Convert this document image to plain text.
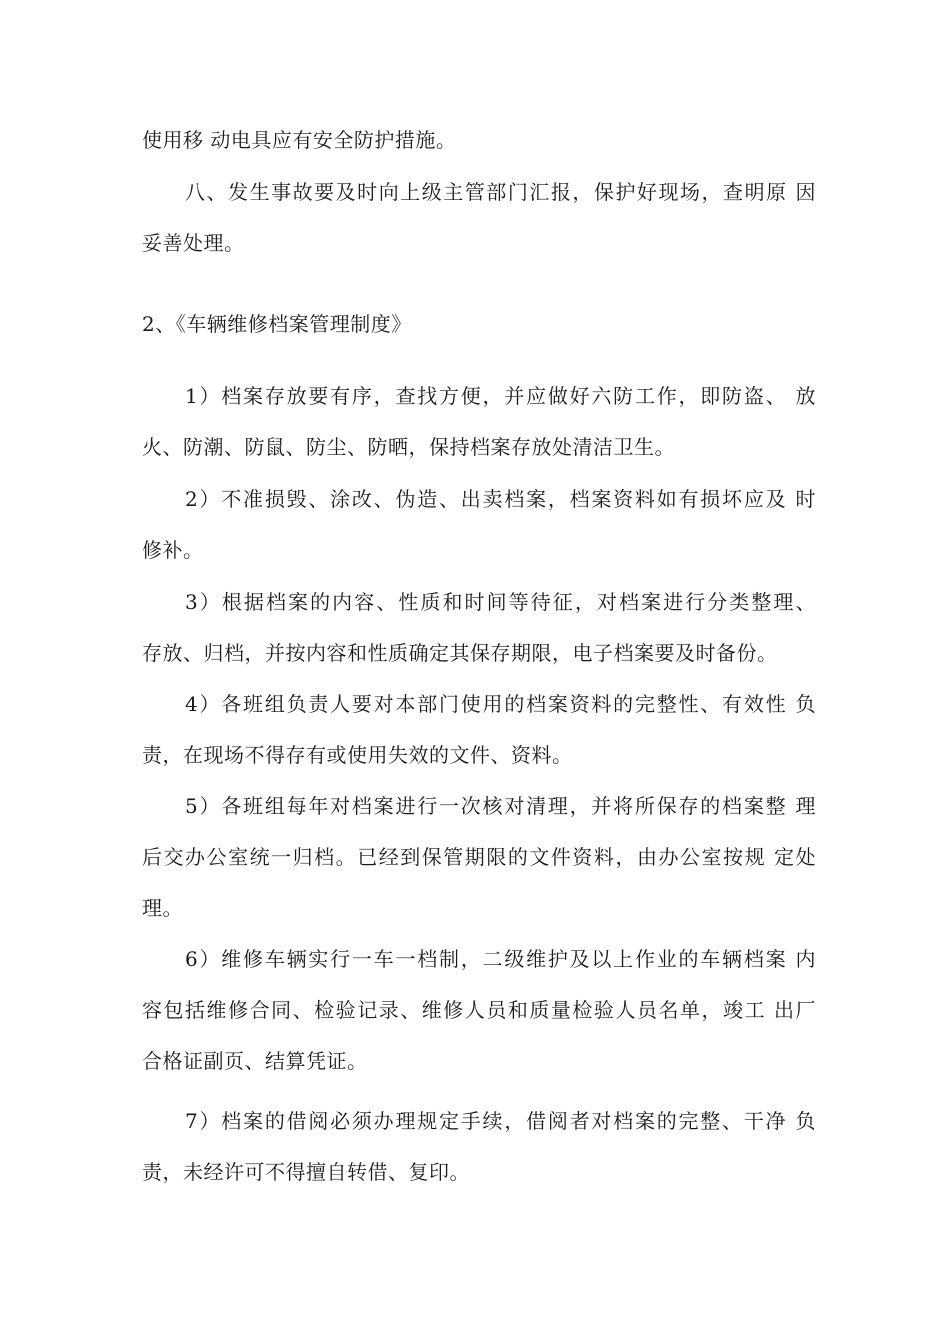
使用移 动电具应有安全防护措施。
八、发生事故要及时向上级主管部门汇报，保护好现场，查明原 因
妥善处理。
2、《车辆维修档案管理制度》
1）档案存放要有序，查找方便，并应做好六防工作，即防盗、 放
火、防潮、防鼠、防尘、防晒，保持档案存放处清洁卫生。
2）不准损毁、涂改、伪造、出卖档案，档案资料如有损坏应及 时
修补。
3）根据档案的内容、性质和时间等待征，对档案进行分类整理、
存放、归档，并按内容和性质确定其保存期限，电子档案要及时备份。
4）各班组负责人要对本部门使用的档案资料的完整性、有效性 负
责，在现场不得存有或使用失效的文件、资料。
5）各班组每年对档案进行一次核对清理，并将所保存的档案整 理
后交办公室统一归档。已经到保管期限的文件资料，由办公室按规 定处
理。
6）维修车辆实行一车一档制，二级维护及以上作业的车辆档案 内
容包括维修合同、检验记录、维修人员和质量检验人员名单，竣工 出厂
合格证副页、结算凭证。
7）档案的借阅必须办理规定手续，借阅者对档案的完整、干净 负
责，未经许可不得擅自转借、复印。
